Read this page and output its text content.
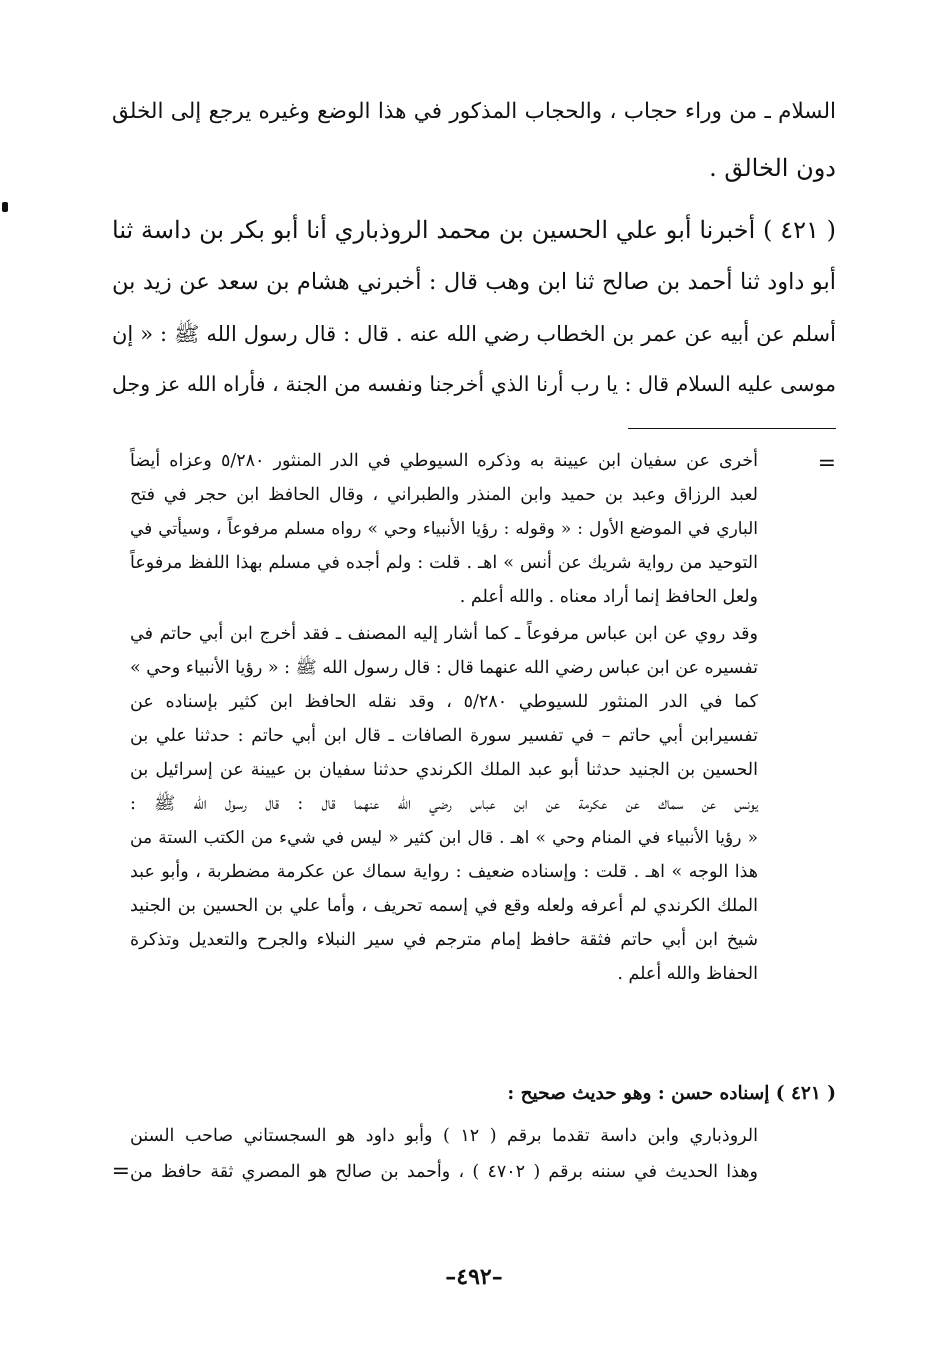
السلام ـ من وراء حجاب ، والحجاب المذكور في هذا الوضع وغيره يرجع إلى الخلق
دون الخالق .
( ٤٢١ ) أخبرنا أبو علي الحسين بن محمد الروذباري أنا أبو بكر بن داسة ثنا
أبو داود ثنا أحمد بن صالح ثنا ابن وهب قال : أخبرني هشام بن سعد عن زيد بن
أسلم عن أبيه عن عمر بن الخطاب رضي الله عنه . قال : قال رسول الله ﷺ : « إن
موسى عليه السلام قال : يا رب أرنا الذي أخرجنا ونفسه من الجنة ، فأراه الله عز وجل
=
أخرى عن سفيان ابن عيينة به وذكره السيوطي في الدر المنثور ٥/٢٨٠ وعزاه أيضاً
لعبد الرزاق وعبد بن حميد وابن المنذر والطبراني ، وقال الحافظ ابن حجر في فتح
الباري في الموضع الأول : « وقوله : رؤيا الأنبياء وحي » رواه مسلم مرفوعاً ، وسيأتي في
التوحيد من رواية شريك عن أنس » اهـ . قلت : ولم أجده في مسلم بهذا اللفظ مرفوعاً
ولعل الحافظ إنما أراد معناه . والله أعلم .
وقد روي عن ابن عباس مرفوعاً ـ كما أشار إليه المصنف ـ فقد أخرج ابن أبي حاتم في
تفسيره عن ابن عباس رضي الله عنهما قال : قال رسول الله ﷺ : « رؤيا الأنبياء وحي »
كما في الدر المنثور للسيوطي ٥/٢٨٠ ، وقد نقله الحافظ ابن كثير بإسناده عن
تفسيرابن أبي حاتم – في تفسير سورة الصافات ـ قال ابن أبي حاتم : حدثنا علي بن
الحسين بن الجنيد حدثنا أبو عبد الملك الكرندي حدثنا سفيان بن عيينة عن إسرائيل بن
يونس عن سماك عن عكرمة عن ابن عباس رضي الله عنهما قال : قال رسول الله ﷺ :
« رؤيا الأنبياء في المنام وحي » اهـ . قال ابن كثير « ليس في شيء من الكتب الستة من
هذا الوجه » اهـ . قلت : وإسناده ضعيف : رواية سماك عن عكرمة مضطربة ، وأبو عبد
الملك الكرندي لم أعرفه ولعله وقع في إسمه تحريف ، وأما علي بن الحسين بن الجنيد
شيخ ابن أبي حاتم فثقة حافظ إمام مترجم في سير النبلاء والجرح والتعديل وتذكرة
الحفاظ والله أعلم .
( ٤٢١ ) إسناده حسن : وهو حديث صحيح :
الروذباري وابن داسة تقدما برقم ( ١٢ ) وأبو داود هو السجستاني صاحب السنن
وهذا الحديث في سننه برقم ( ٤٧٠٢ ) ، وأحمد بن صالح هو المصري ثقة حافظ من
=
–٤٩٢–
